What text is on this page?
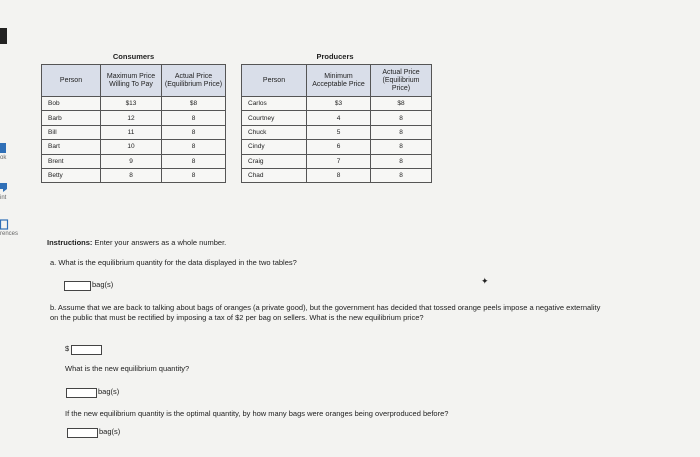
ok
int
rences
Consumers
Person	Maximum Price Willing To Pay	Actual Price (Equilibrium Price)
Bob	$13	$8
Barb	12	8
Bill	11	8
Bart	10	8
Brent	9	8
Betty	8	8
Producers
Person	Minimum Acceptable Price	Actual Price (Equilibrium Price)
Carlos	$3	$8
Courtney	4	8
Chuck	5	8
Cindy	6	8
Craig	7	8
Chad	8	8
Instructions: Enter your answers as a whole number.
a. What is the equilibrium quantity for the data displayed in the two tables?
bag(s)	✦
b. Assume that we are back to talking about bags of oranges (a private good), but the government has decided that tossed orange peels impose a negative externality on the public that must be rectified by imposing a tax of $2 per bag on sellers. What is the new equilibrium price?
$
What is the new equilibrium quantity?
bag(s)
If the new equilibrium quantity is the optimal quantity, by how many bags were oranges being overproduced before?
bag(s)
